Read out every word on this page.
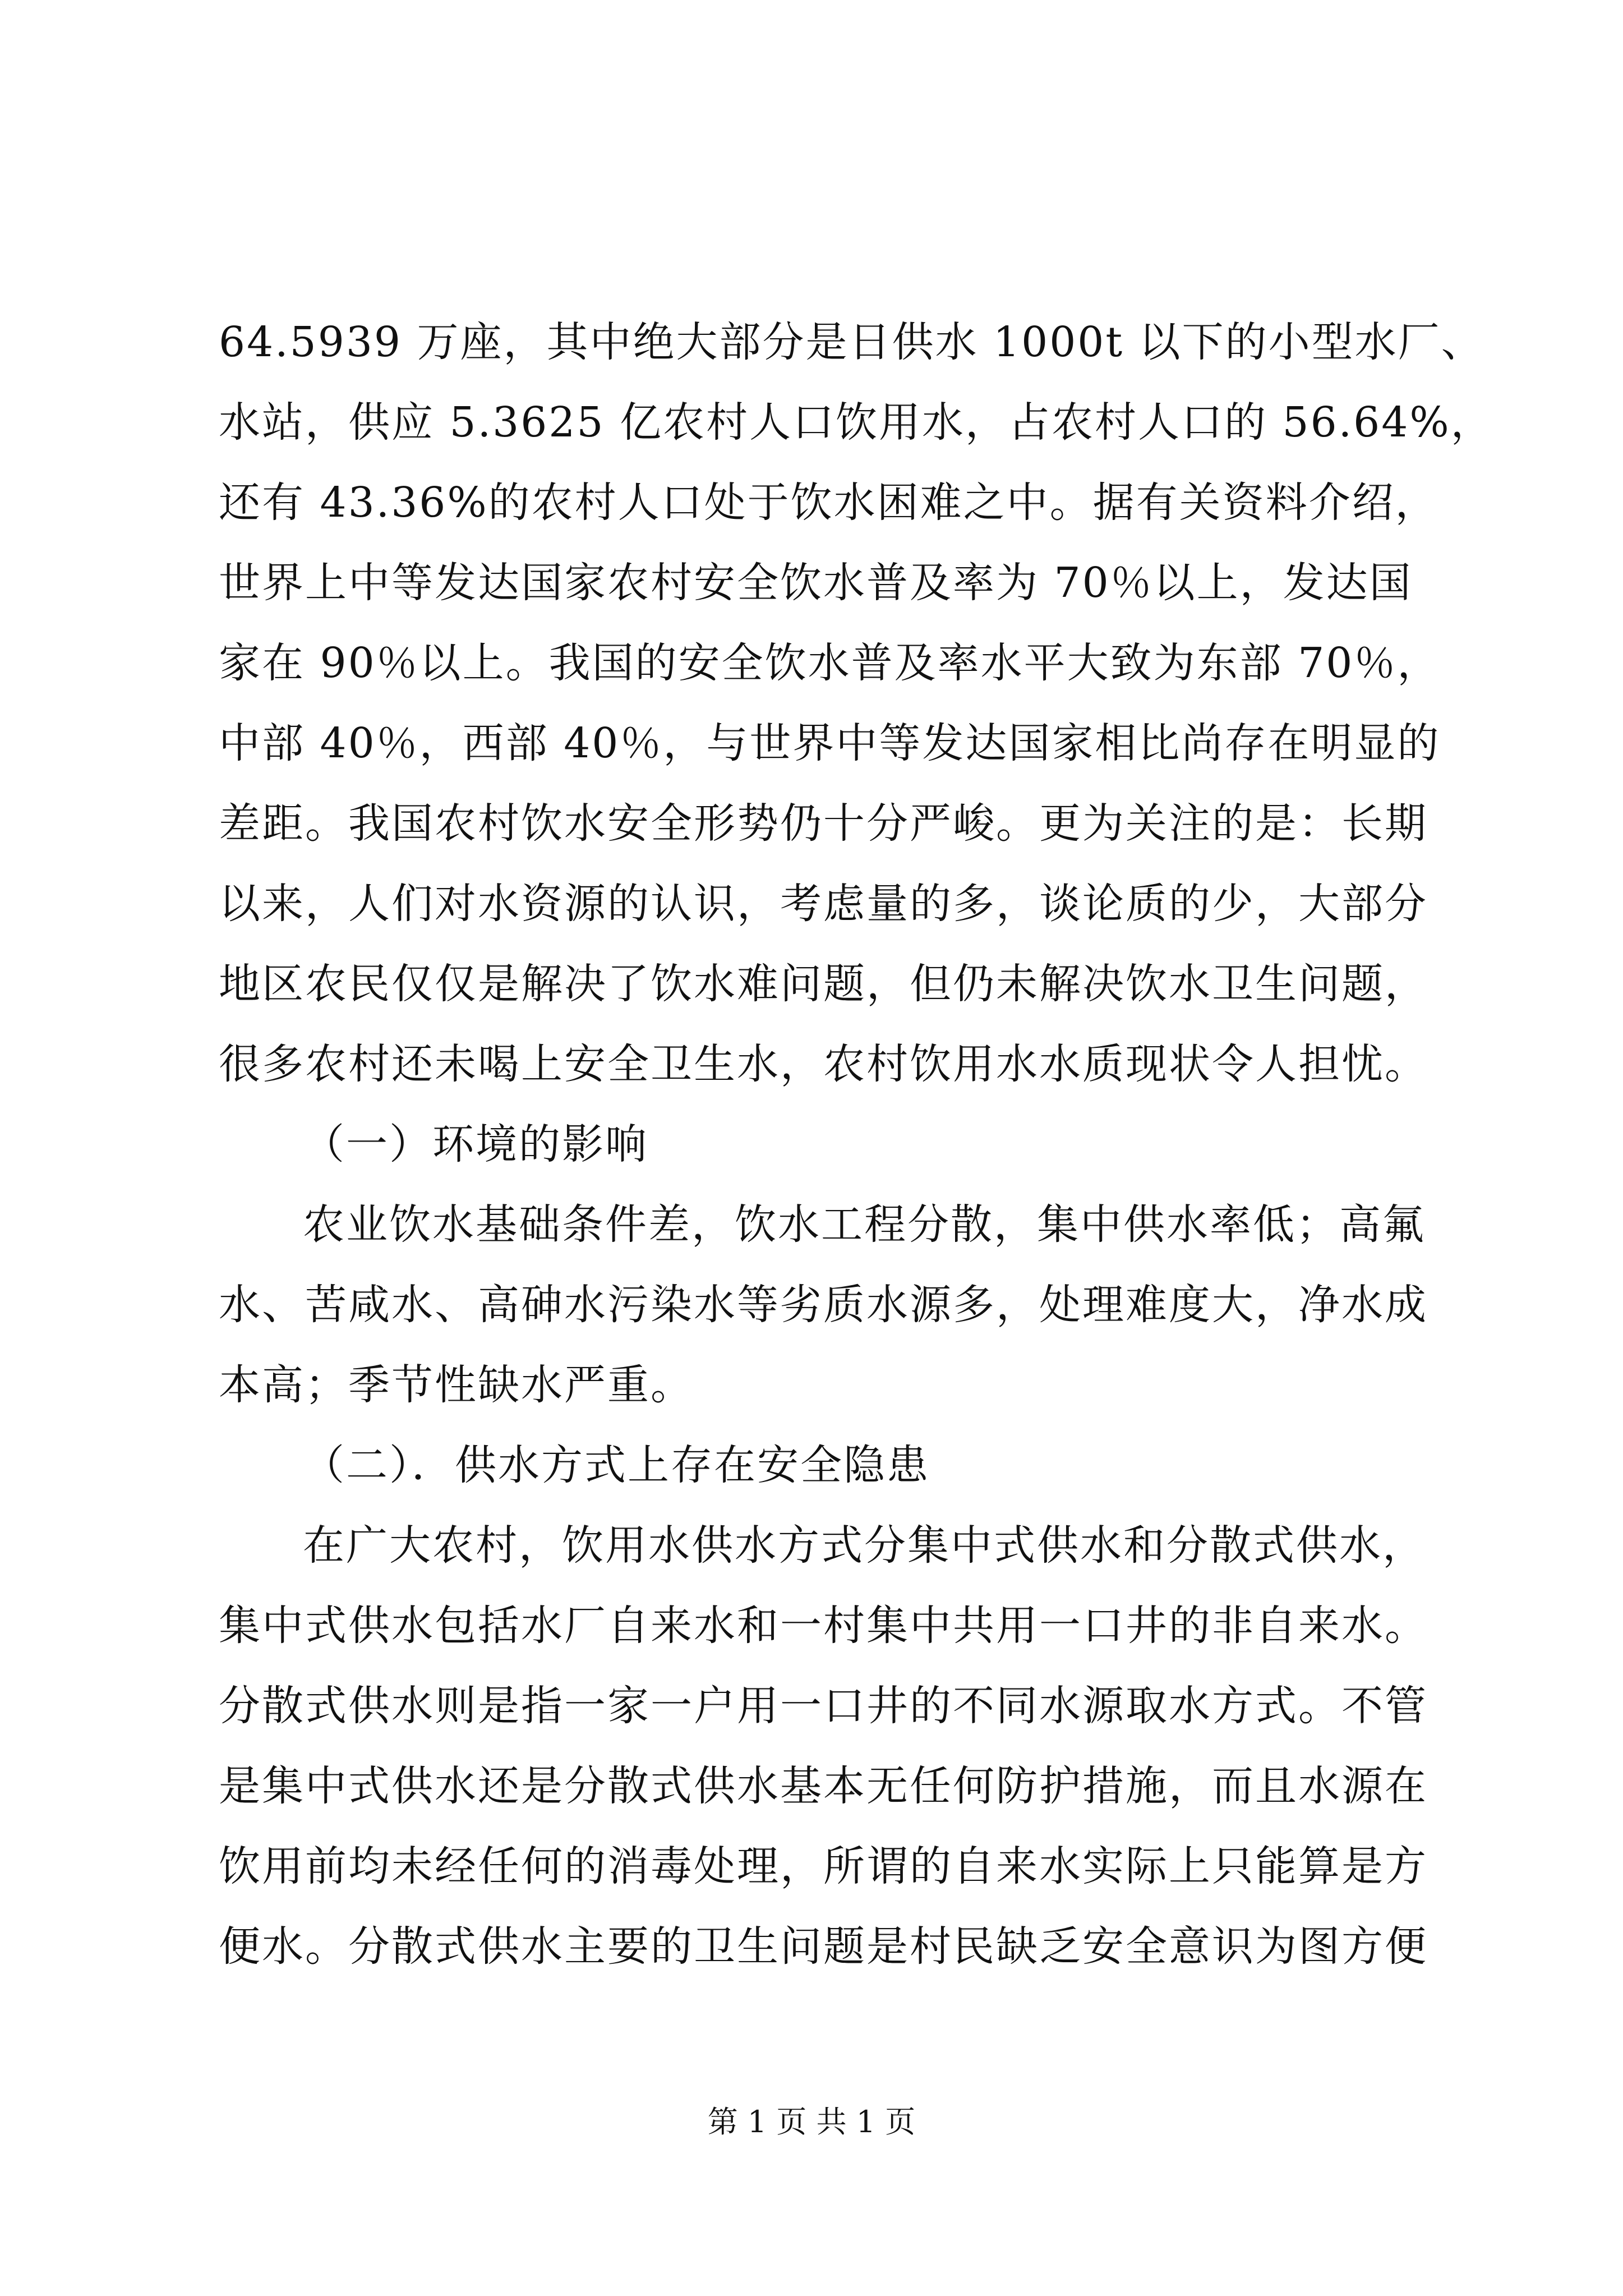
64.5939 万座，其中绝大部分是日供水 1000t 以下的小型水厂、
水站，供应 5.3625 亿农村人口饮用水，占农村人口的 56.64%，
还有 43.36%的农村人口处于饮水困难之中。据有关资料介绍，
世界上中等发达国家农村安全饮水普及率为 70％以上，发达国
家在 90％以上。我国的安全饮水普及率水平大致为东部 70％，
中部 40％，西部 40％，与世界中等发达国家相比尚存在明显的
差距。我国农村饮水安全形势仍十分严峻。更为关注的是：长期
以来，人们对水资源的认识，考虑量的多，谈论质的少，大部分
地区农民仅仅是解决了饮水难问题，但仍未解决饮水卫生问题，
很多农村还未喝上安全卫生水，农村饮用水水质现状令人担忧。
（一）环境的影响
农业饮水基础条件差，饮水工程分散，集中供水率低；高氟
水、苦咸水、高砷水污染水等劣质水源多，处理难度大，净水成
本高；季节性缺水严重。
（二）．供水方式上存在安全隐患
在广大农村，饮用水供水方式分集中式供水和分散式供水，
集中式供水包括水厂自来水和一村集中共用一口井的非自来水。
分散式供水则是指一家一户用一口井的不同水源取水方式。不管
是集中式供水还是分散式供水基本无任何防护措施，而且水源在
饮用前均未经任何的消毒处理，所谓的自来水实际上只能算是方
便水。分散式供水主要的卫生问题是村民缺乏安全意识为图方便
第 1 页 共 1 页
